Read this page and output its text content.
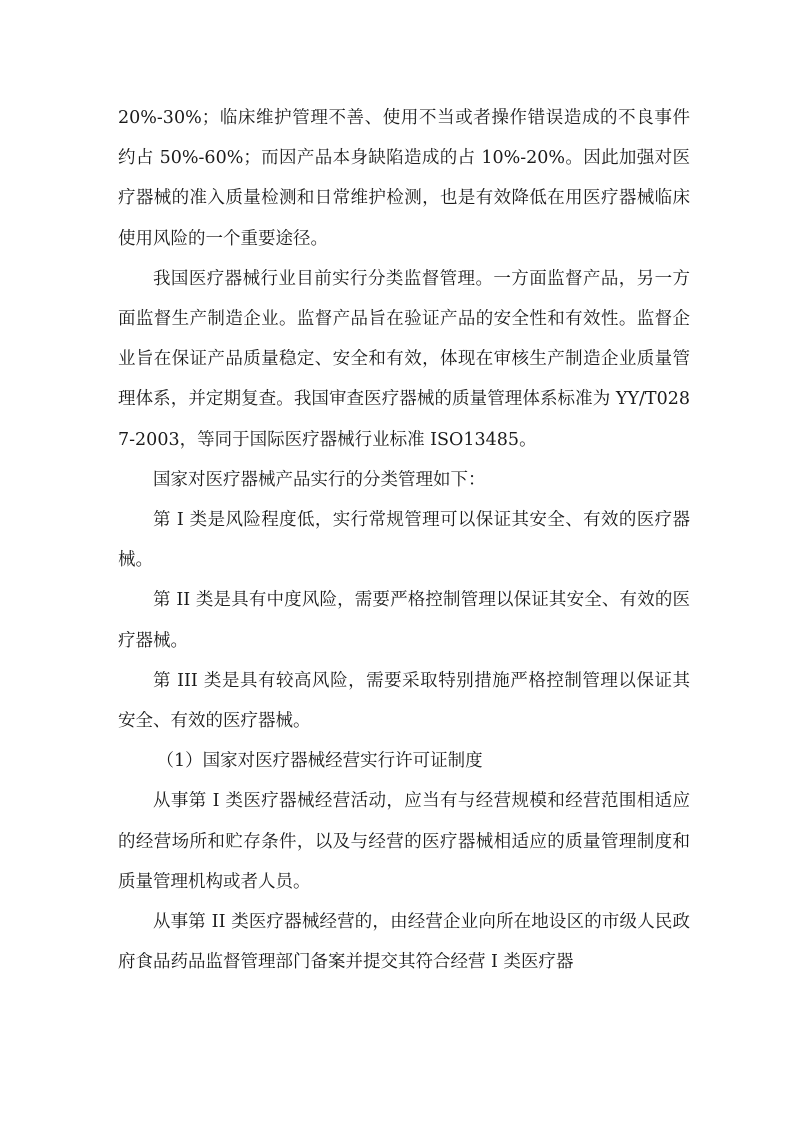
20%-30%；临床维护管理不善、使用不当或者操作错误造成的不良事件约占 50%-60%；而因产品本身缺陷造成的占 10%-20%。因此加强对医疗器械的准入质量检测和日常维护检测，也是有效降低在用医疗器械临床使用风险的一个重要途径。

我国医疗器械行业目前实行分类监督管理。一方面监督产品，另一方面监督生产制造企业。监督产品旨在验证产品的安全性和有效性。监督企业旨在保证产品质量稳定、安全和有效，体现在审核生产制造企业质量管理体系，并定期复查。我国审查医疗器械的质量管理体系标准为 YY/T0287-2003，等同于国际医疗器械行业标准 ISO13485。

国家对医疗器械产品实行的分类管理如下：

第 I 类是风险程度低，实行常规管理可以保证其安全、有效的医疗器械。

第 II 类是具有中度风险，需要严格控制管理以保证其安全、有效的医疗器械。

第 III 类是具有较高风险，需要采取特别措施严格控制管理以保证其安全、有效的医疗器械。

（1）国家对医疗器械经营实行许可证制度

从事第 I 类医疗器械经营活动，应当有与经营规模和经营范围相适应的经营场所和贮存条件，以及与经营的医疗器械相适应的质量管理制度和质量管理机构或者人员。

从事第 II 类医疗器械经营的，由经营企业向所在地设区的市级人民政府食品药品监督管理部门备案并提交其符合经营 I 类医疗器
